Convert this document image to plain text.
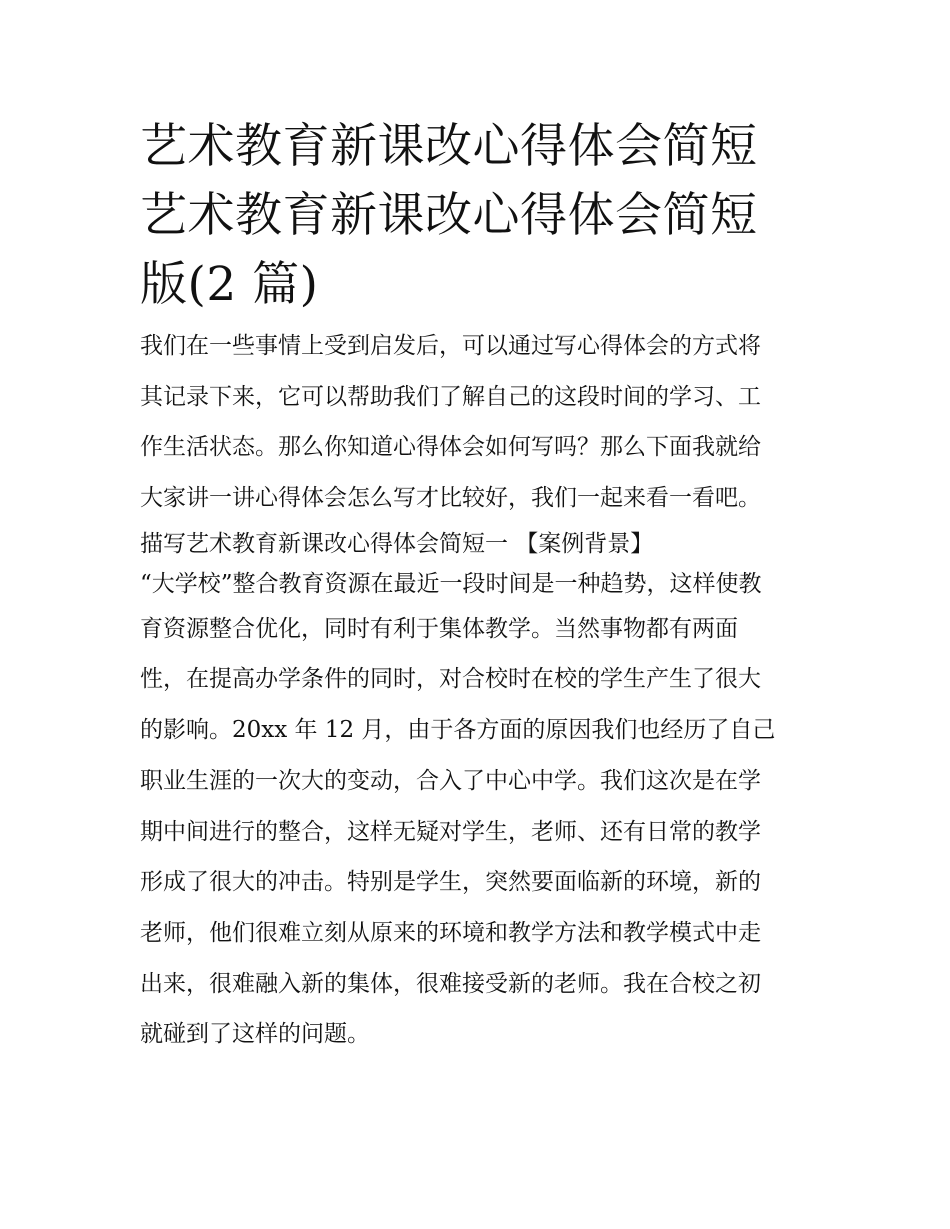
艺术教育新课改心得体会简短
艺术教育新课改心得体会简短
版(2 篇)
我们在一些事情上受到启发后，可以通过写心得体会的方式将
其记录下来，它可以帮助我们了解自己的这段时间的学习、工
作生活状态。那么你知道心得体会如何写吗？那么下面我就给
大家讲一讲心得体会怎么写才比较好，我们一起来看一看吧。
描写艺术教育新课改心得体会简短一 【案例背景】
“大学校”整合教育资源在最近一段时间是一种趋势，这样使教
育资源整合优化，同时有利于集体教学。当然事物都有两面
性，在提高办学条件的同时，对合校时在校的学生产生了很大
的影响。20xx 年 12 月，由于各方面的原因我们也经历了自己
职业生涯的一次大的变动，合入了中心中学。我们这次是在学
期中间进行的整合，这样无疑对学生，老师、还有日常的教学
形成了很大的冲击。特别是学生，突然要面临新的环境，新的
老师，他们很难立刻从原来的环境和教学方法和教学模式中走
出来，很难融入新的集体，很难接受新的老师。我在合校之初
就碰到了这样的问题。
